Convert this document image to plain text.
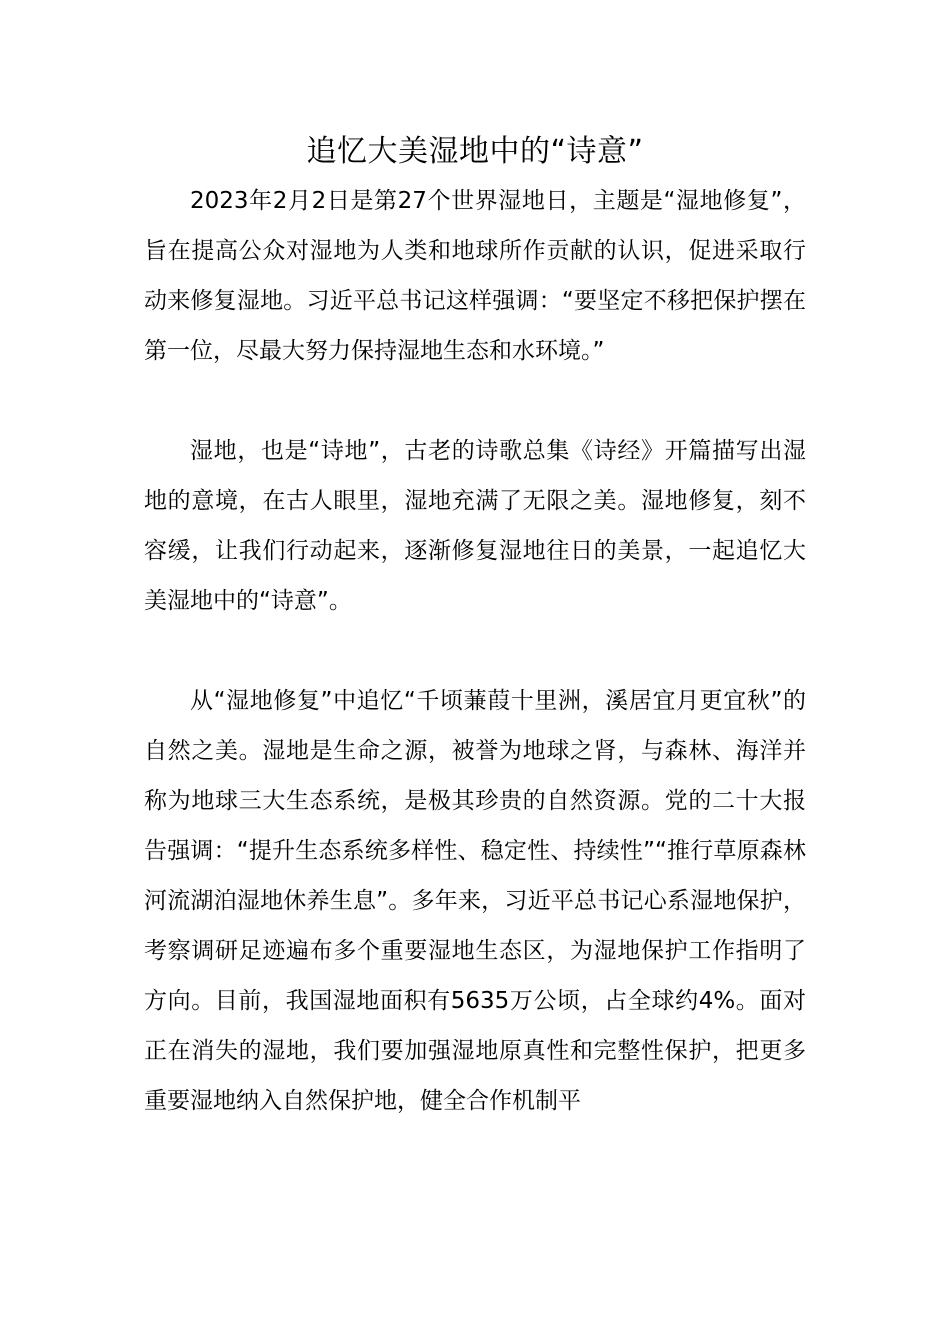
追忆大美湿地中的“诗意”

2023年2月2日是第27个世界湿地日，主题是“湿地修复”，旨在提高公众对湿地为人类和地球所作贡献的认识，促进采取行动来修复湿地。习近平总书记这样强调：“要坚定不移把保护摆在第一位，尽最大努力保持湿地生态和水环境。”

湿地，也是“诗地”，古老的诗歌总集《诗经》开篇描写出湿地的意境，在古人眼里，湿地充满了无限之美。湿地修复，刻不容缓，让我们行动起来，逐渐修复湿地往日的美景，一起追忆大美湿地中的“诗意”。

从“湿地修复”中追忆“千顷蒹葭十里洲，溪居宜月更宜秋”的自然之美。湿地是生命之源，被誉为地球之肾，与森林、海洋并称为地球三大生态系统，是极其珍贵的自然资源。党的二十大报告强调：“提升生态系统多样性、稳定性、持续性”“推行草原森林河流湖泊湿地休养生息”。多年来，习近平总书记心系湿地保护，考察调研足迹遍布多个重要湿地生态区，为湿地保护工作指明了方向。目前，我国湿地面积有5635万公顷，占全球约4%。面对正在消失的湿地，我们要加强湿地原真性和完整性保护，把更多重要湿地纳入自然保护地，健全合作机制平
